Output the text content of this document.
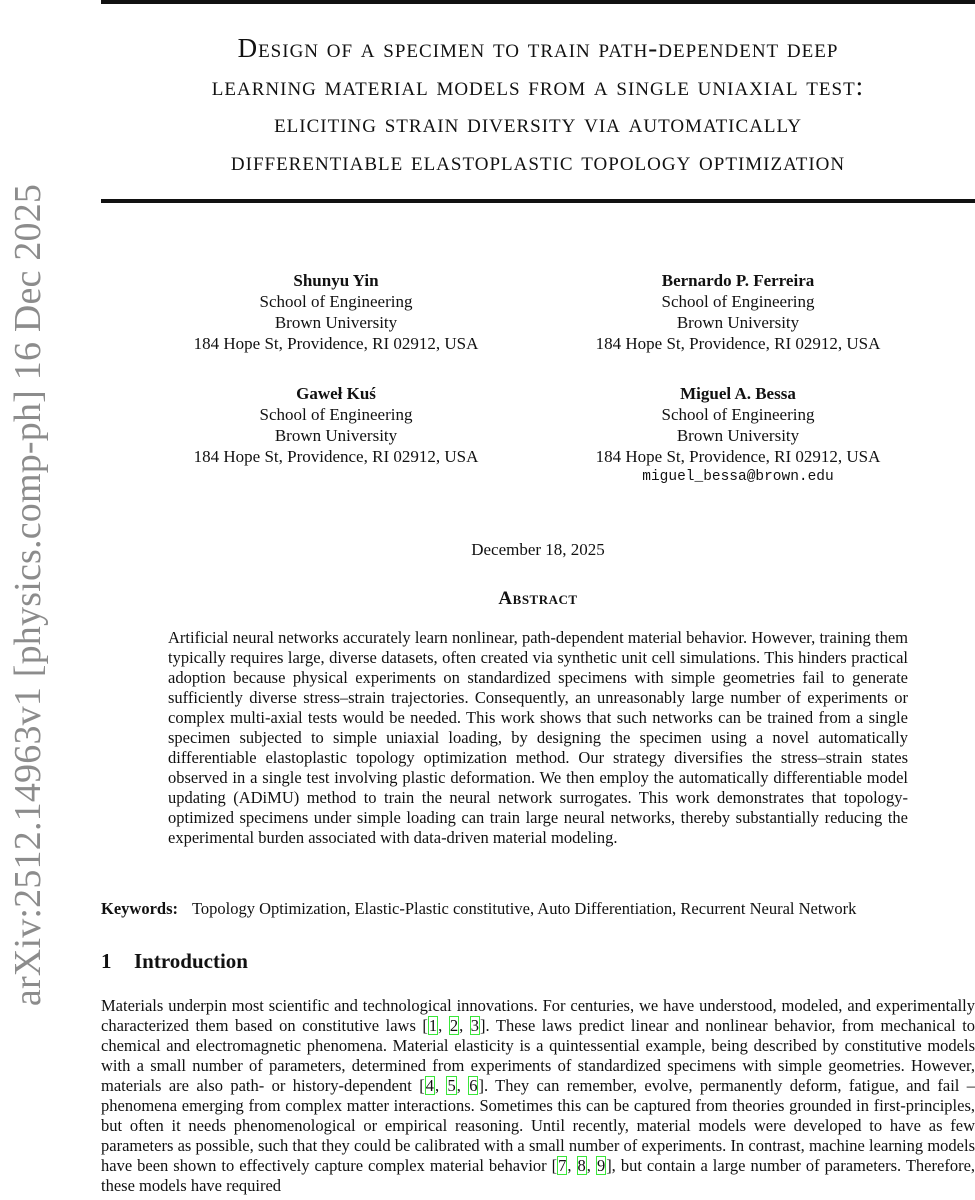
arXiv:2512.14963v1 [physics.comp-ph] 16 Dec 2025
Design of a specimen to train path-dependent deep
learning material models from a single uniaxial test:
eliciting strain diversity via automatically
differentiable elastoplastic topology optimization
Shunyu Yin
School of Engineering
Brown University
184 Hope St, Providence, RI 02912, USA
Bernardo P. Ferreira
School of Engineering
Brown University
184 Hope St, Providence, RI 02912, USA
Gaweł Kuś
School of Engineering
Brown University
184 Hope St, Providence, RI 02912, USA
Miguel A. Bessa
School of Engineering
Brown University
184 Hope St, Providence, RI 02912, USA
miguel_bessa@brown.edu
December 18, 2025
Abstract
Artificial neural networks accurately learn nonlinear, path-dependent material behavior. However, training them typically requires large, diverse datasets, often created via synthetic unit cell simulations. This hinders practical adoption because physical experiments on standardized specimens with simple geometries fail to generate sufficiently diverse stress–strain trajectories. Consequently, an unreasonably large number of experiments or complex multi-axial tests would be needed. This work shows that such networks can be trained from a single specimen subjected to simple uniaxial loading, by designing the specimen using a novel automatically differentiable elastoplastic topology optimization method. Our strategy diversifies the stress–strain states observed in a single test involving plastic deformation. We then employ the automatically differentiable model updating (ADiMU) method to train the neural network surrogates. This work demonstrates that topology-optimized specimens under simple loading can train large neural networks, thereby substantially reducing the experimental burden associated with data-driven material modeling.
Keywords: Topology Optimization, Elastic-Plastic constitutive, Auto Differentiation, Recurrent Neural Network
1 Introduction
Materials underpin most scientific and technological innovations. For centuries, we have understood, modeled, and experimentally characterized them based on constitutive laws [1, 2, 3]. These laws predict linear and nonlinear behavior, from mechanical to chemical and electromagnetic phenomena. Material elasticity is a quintessential example, being described by constitutive models with a small number of parameters, determined from experiments of standardized specimens with simple geometries. However, materials are also path- or history-dependent [4, 5, 6]. They can remember, evolve, permanently deform, fatigue, and fail – phenomena emerging from complex matter interactions. Sometimes this can be captured from theories grounded in first-principles, but often it needs phenomenological or empirical reasoning. Until recently, material models were developed to have as few parameters as possible, such that they could be calibrated with a small number of experiments. In contrast, machine learning models have been shown to effectively capture complex material behavior [7, 8, 9], but contain a large number of parameters. Therefore, these models have required
